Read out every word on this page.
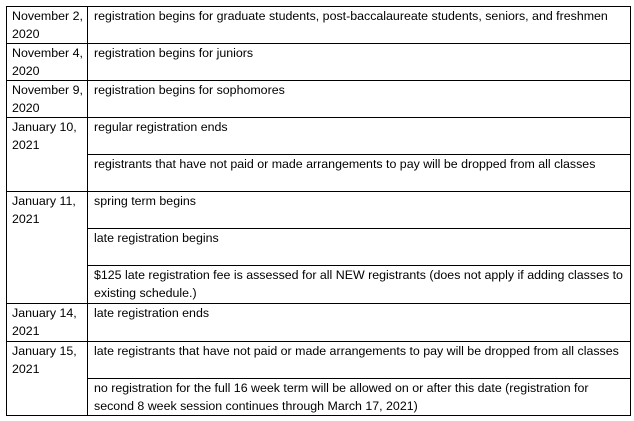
November 2, 2020	registration begins for graduate students, post-baccalaureate students, seniors, and freshmen
November 4, 2020	registration begins for juniors
November 9, 2020	registration begins for sophomores
January 10, 2021	regular registration ends
	registrants that have not paid or made arrangements to pay will be dropped from all classes
January 11, 2021	spring term begins
	late registration begins
	$125 late registration fee is assessed for all NEW registrants (does not apply if adding classes to existing schedule.)
January 14, 2021	late registration ends
January 15, 2021	late registrants that have not paid or made arrangements to pay will be dropped from all classes
	no registration for the full 16 week term will be allowed on or after this date (registration for second 8 week session continues through March 17, 2021)
